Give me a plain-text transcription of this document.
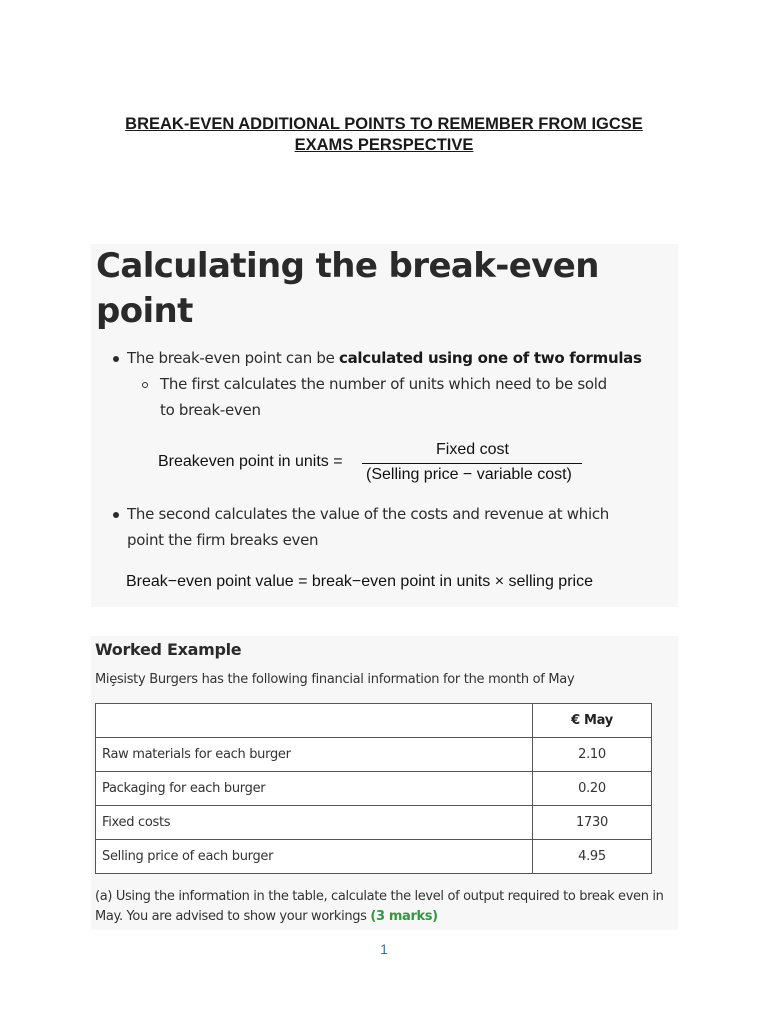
BREAK-EVEN ADDITIONAL POINTS TO REMEMBER FROM IGCSE
EXAMS PERSPECTIVE
Calculating the break-even
point
The break-even point can be calculated using one of two formulas
The first calculates the number of units which need to be sold
to break-even
Breakeven point in units =
Fixed cost
(Selling price − variable cost)
The second calculates the value of the costs and revenue at which
point the firm breaks even
Break−even point value = break−even point in units × selling price
Worked Example
Miȩsisty Burgers has the following financial information for the month of May
	€ May
Raw materials for each burger	2.10
Packaging for each burger	0.20
Fixed costs	1730
Selling price of each burger	4.95
(a) Using the information in the table, calculate the level of output required to break even in May. You are advised to show your workings (3 marks)
1
